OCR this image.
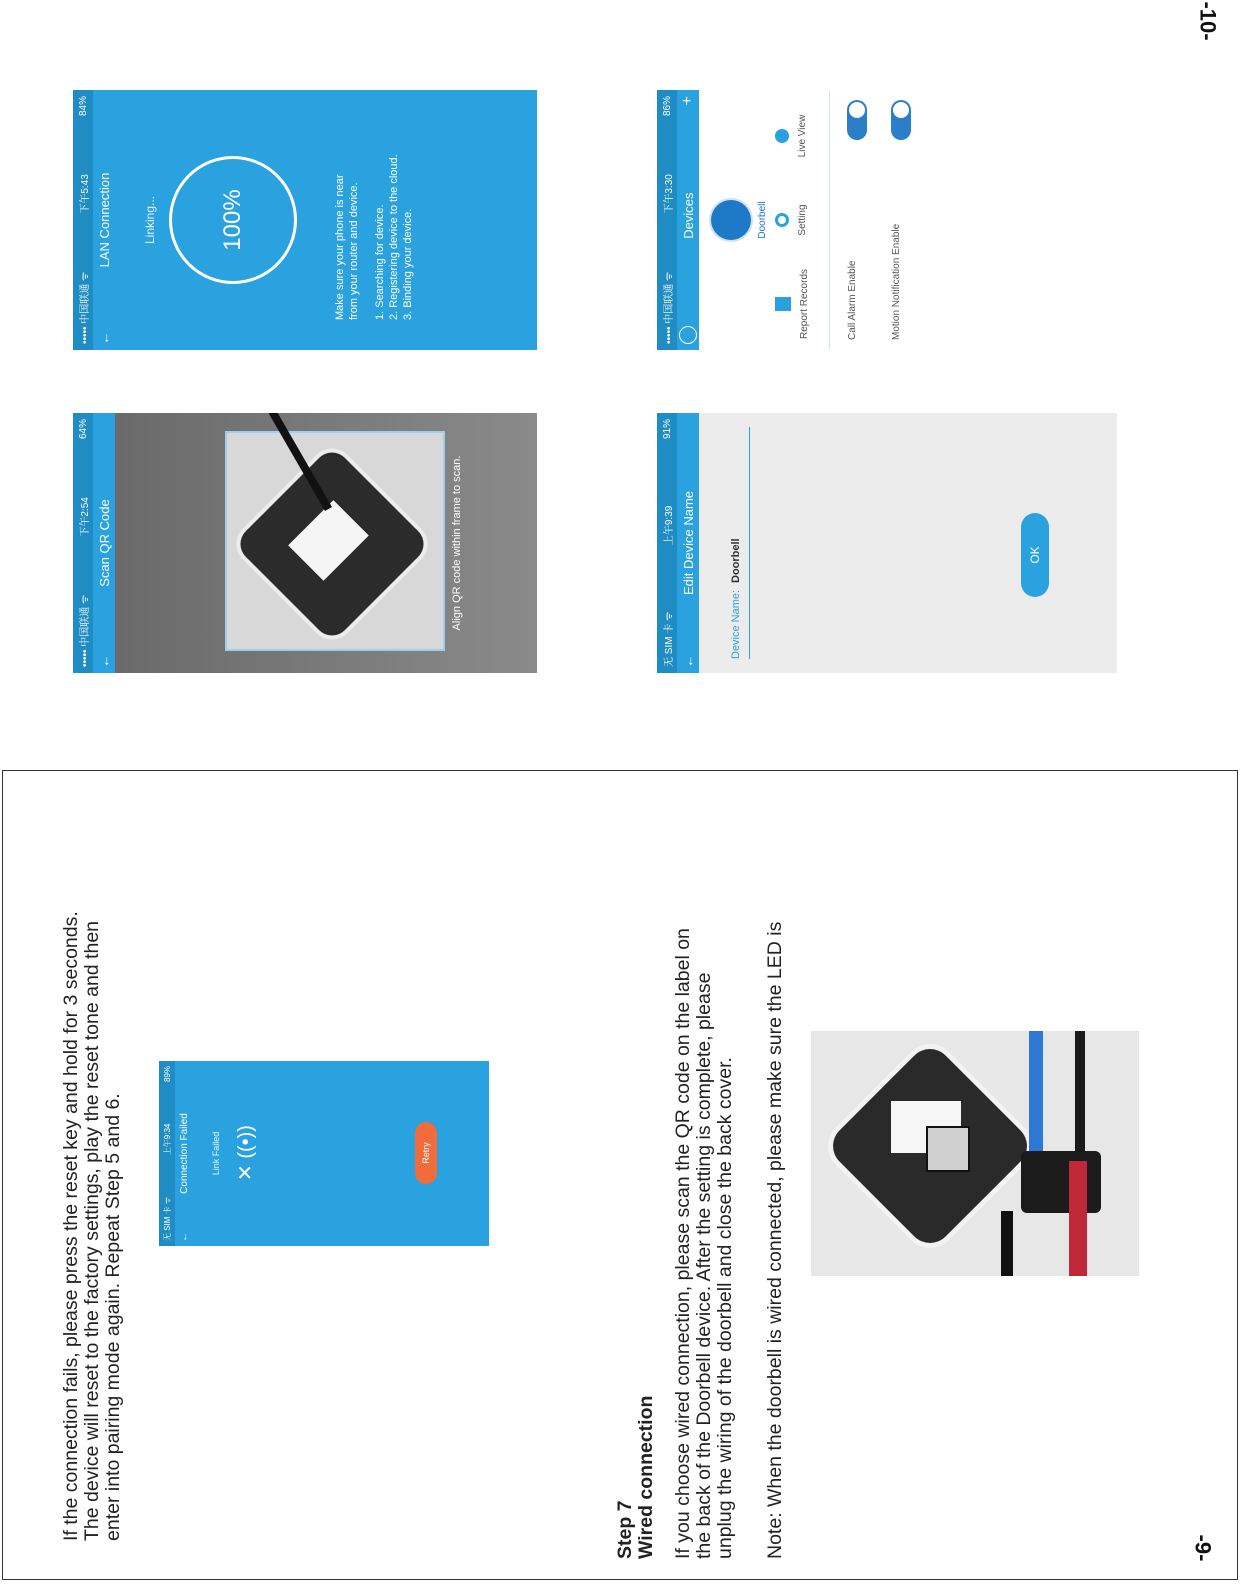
-10-
••••• 中国联通 ᯤ
下午2:54
64%
←
Scan QR Code	Align QR code within frame to scan.
••••• 中国联通 ᯤ
下午5:43
84%
←
LAN Connection	Linking...	100%	Make sure your phone is near from your router and device. 1. Searching for device. 2. Registering device to the cloud. 3. Binding your device.
无 SIM 卡 ᯤ
上午9:39
91%
←
Edit Device Name
Device Name:
Doorbell	OK
••••• 中国联通 ᯤ
下午3:30
86%
Devices
+
Doorbell
Report Records
Setting
Live View
Call Alarm Enable	Motion Notification Enable
-9-
If the connection fails, please press the reset key and hold for 3 seconds. The device will reset to the factory settings, play the reset tone and then enter into pairing mode again. Repeat Step 5 and 6.	无 SIM 卡 ᯤ
上午9:34
89%
←
Connection Failed Link Failed ✕ ((•))	Retry
Step 7 Wired connection If you choose wired connection, please scan the QR code on the label on the back of the Doorbell device. After the setting is complete, please unplug the wiring of the doorbell and close the back cover. Note: When the doorbell is wired connected, please make sure the LED is
